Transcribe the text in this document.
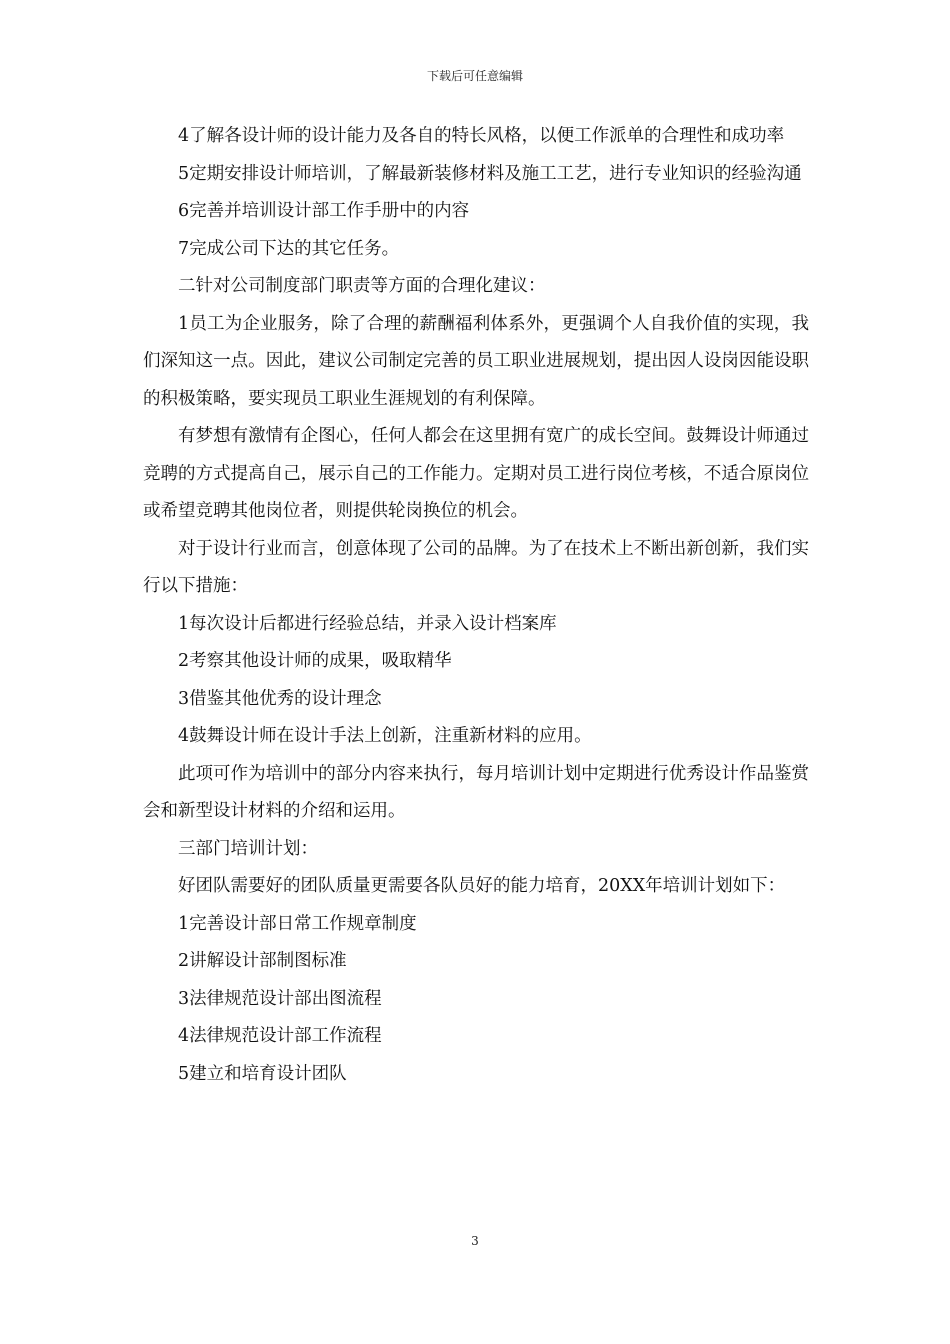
下载后可任意编辑

4了解各设计师的设计能力及各自的特长风格，以便工作派单的合理性和成功率

5定期安排设计师培训，了解最新装修材料及施工工艺，进行专业知识的经验沟通

6完善并培训设计部工作手册中的内容

7完成公司下达的其它任务。

二针对公司制度部门职责等方面的合理化建议：

1员工为企业服务，除了合理的薪酬福利体系外，更强调个人自我价值的实现，我们深知这一点。因此，建议公司制定完善的员工职业进展规划，提出因人设岗因能设职的积极策略，要实现员工职业生涯规划的有利保障。

有梦想有激情有企图心，任何人都会在这里拥有宽广的成长空间。鼓舞设计师通过竞聘的方式提高自己，展示自己的工作能力。定期对员工进行岗位考核，不适合原岗位或希望竞聘其他岗位者，则提供轮岗换位的机会。

对于设计行业而言，创意体现了公司的品牌。为了在技术上不断出新创新，我们实行以下措施：

1每次设计后都进行经验总结，并录入设计档案库

2考察其他设计师的成果，吸取精华

3借鉴其他优秀的设计理念

4鼓舞设计师在设计手法上创新，注重新材料的应用。

此项可作为培训中的部分内容来执行，每月培训计划中定期进行优秀设计作品鉴赏会和新型设计材料的介绍和运用。

三部门培训计划：

好团队需要好的团队质量更需要各队员好的能力培育，20XX年培训计划如下：

1完善设计部日常工作规章制度

2讲解设计部制图标准

3法律规范设计部出图流程

4法律规范设计部工作流程

5建立和培育设计团队

3
